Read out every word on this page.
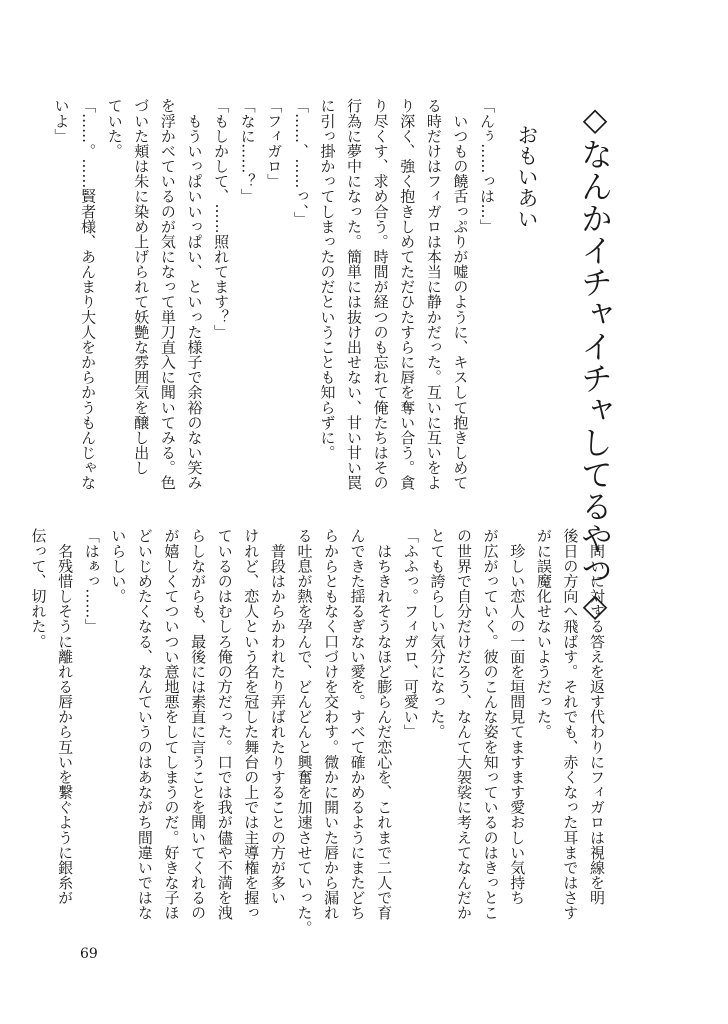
◇なんかイチャイチャしてるやつ◇
おもいあい
「んぅ……っは…」
　いつもの饒舌っぷりが嘘のように、キスして抱きしめて
る時だけはフィガロは本当に静かだった。互いに互いをよ
り深く、強く抱きしめてただひたすらに唇を奪い合う。貪
り尽くす、求め合う。時間が経つのも忘れて俺たちはその
行為に夢中になった。簡単には抜け出せない、甘い甘い罠
に引っ掛かってしまったのだということも知らずに。
「……、……っ、」
「フィガロ」
「なに……？」
「もしかして、……照れてます？」
　もういっぱいいっぱい、といった様子で余裕のない笑み
を浮かべているのが気になって単刀直入に聞いてみる。色
づいた頬は朱に染め上げられて妖艶な雰囲気を醸し出し
ていた。
「……。……賢者様、あんまり大人をからかうもんじゃな
いよ」
　問いに対する答えを返す代わりにフィガロは視線を明
後日の方向へ飛ばす。それでも、赤くなった耳まではさす
がに誤魔化せないようだった。
　珍しい恋人の一面を垣間見てますます愛おしい気持ち
が広がっていく。彼のこんな姿を知っているのはきっとこ
の世界で自分だけだろう、なんて大袈裟に考えてなんだか
とても誇らしい気分になった。
「ふふっ。フィガロ、可愛い」
　はちきれそうなほど膨らんだ恋心を、これまで二人で育
んできた揺るぎない愛を。すべて確かめるようにまたどち
らからともなく口づけを交わす。微かに開いた唇から漏れ
る吐息が熱を孕んで、どんどんと興奮を加速させていった。
　普段はからかわれたり弄ばれたりすることの方が多い
けれど、恋人という名を冠した舞台の上では主導権を握っ
ているのはむしろ俺の方だった。口では我が儘や不満を洩
らしながらも、最後には素直に言うことを聞いてくれるの
が嬉しくてついつい意地悪をしてしまうのだ。好きな子ほ
どいじめたくなる、なんていうのはあながち間違いではな
いらしい。
「はぁっ……」
　名残惜しそうに離れる唇から互いを繋ぐように銀糸が
伝って、切れた。
69
